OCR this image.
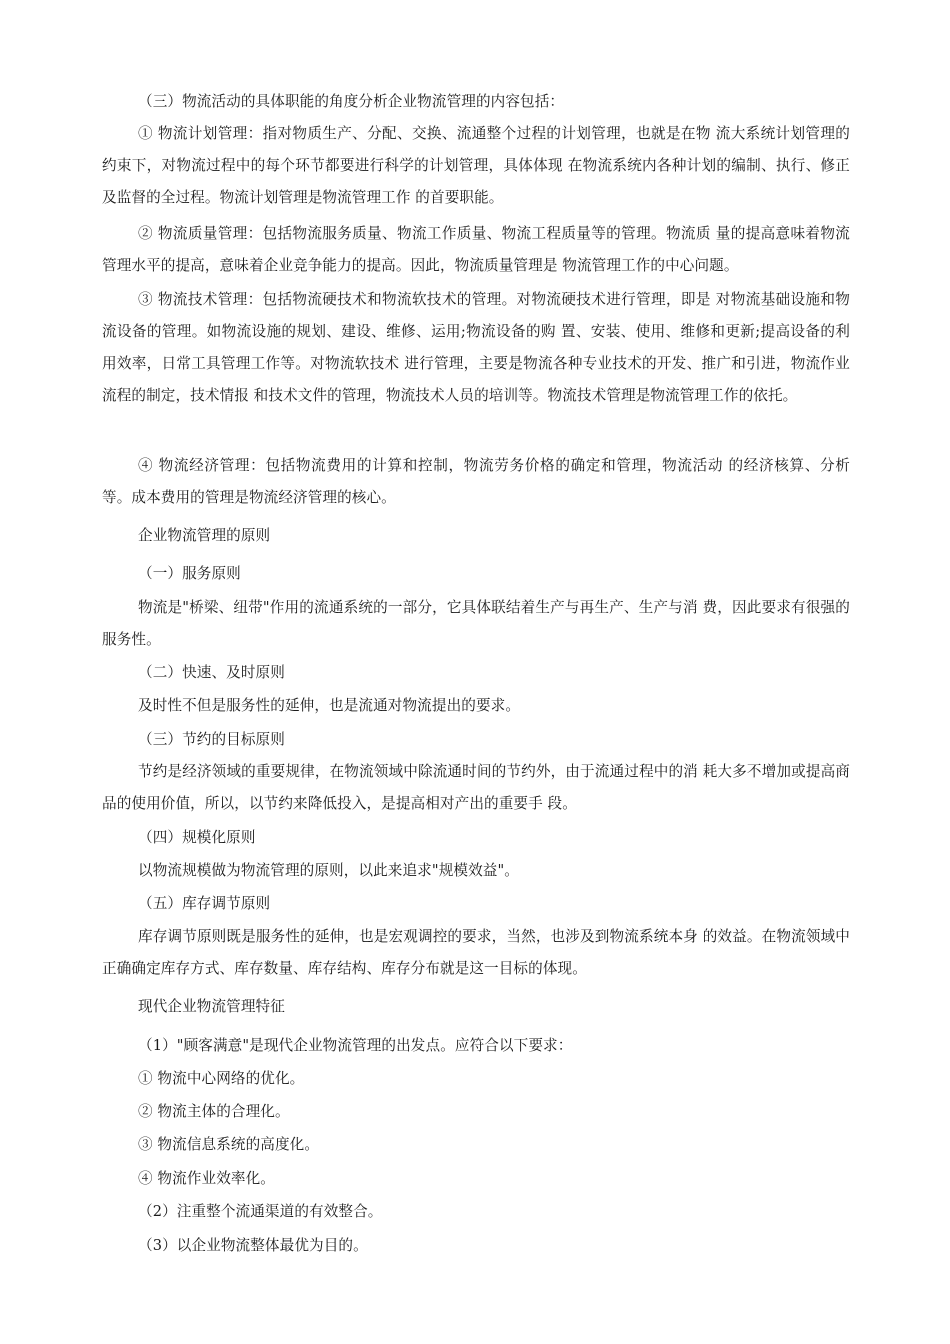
（三）物流活动的具体职能的角度分析企业物流管理的内容包括：

① 物流计划管理：指对物质生产、分配、交换、流通整个过程的计划管理，也就是在物 流大系统计划管理的约束下，对物流过程中的每个环节都要进行科学的计划管理，具体体现 在物流系统内各种计划的编制、执行、修正及监督的全过程。物流计划管理是物流管理工作 的首要职能。

② 物流质量管理：包括物流服务质量、物流工作质量、物流工程质量等的管理。物流质 量的提高意味着物流管理水平的提高，意味着企业竞争能力的提高。因此，物流质量管理是 物流管理工作的中心问题。

③ 物流技术管理：包括物流硬技术和物流软技术的管理。对物流硬技术进行管理，即是 对物流基础设施和物流设备的管理。如物流设施的规划、建设、维修、运用;物流设备的购 置、安装、使用、维修和更新;提高设备的利用效率，日常工具管理工作等。对物流软技术 进行管理，主要是物流各种专业技术的开发、推广和引进，物流作业流程的制定，技术情报 和技术文件的管理，物流技术人员的培训等。物流技术管理是物流管理工作的依托。

④ 物流经济管理：包括物流费用的计算和控制，物流劳务价格的确定和管理，物流活动 的经济核算、分析等。成本费用的管理是物流经济管理的核心。

企业物流管理的原则

（一）服务原则

物流是"桥梁、纽带"作用的流通系统的一部分，它具体联结着生产与再生产、生产与消 费，因此要求有很强的服务性。

（二）快速、及时原则

及时性不但是服务性的延伸，也是流通对物流提出的要求。

（三）节约的目标原则

节约是经济领域的重要规律，在物流领域中除流通时间的节约外，由于流通过程中的消 耗大多不增加或提高商品的使用价值，所以，以节约来降低投入，是提高相对产出的重要手 段。

（四）规模化原则

以物流规模做为物流管理的原则，以此来追求"规模效益"。

（五）库存调节原则

库存调节原则既是服务性的延伸，也是宏观调控的要求，当然，也涉及到物流系统本身 的效益。在物流领域中正确确定库存方式、库存数量、库存结构、库存分布就是这一目标的体现。

现代企业物流管理特征

（1）"顾客满意"是现代企业物流管理的出发点。应符合以下要求：

① 物流中心网络的优化。

② 物流主体的合理化。

③ 物流信息系统的高度化。

④ 物流作业效率化。

（2）注重整个流通渠道的有效整合。

（3）以企业物流整体最优为目的。
